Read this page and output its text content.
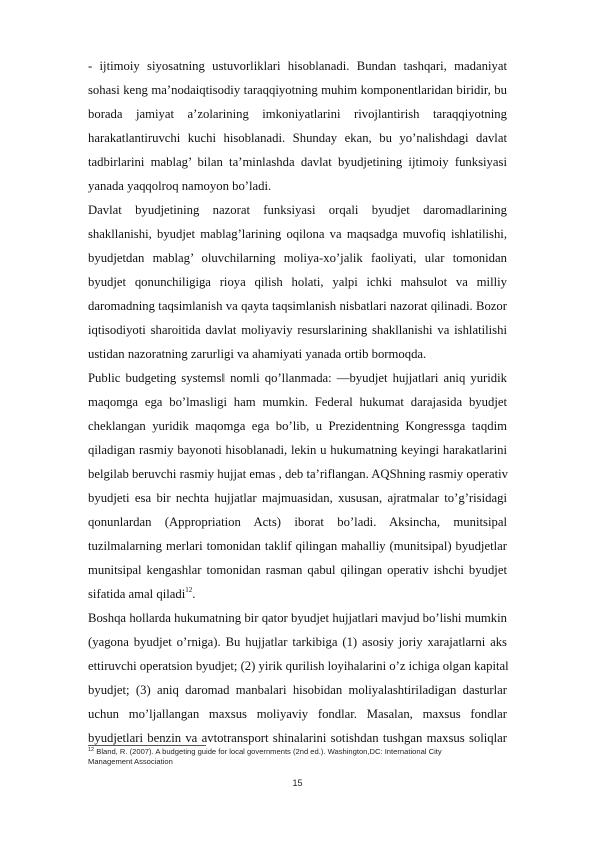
- ijtimoiy siyosatning ustuvorliklari hisoblanadi. Bundan tashqari, madaniyat
sohasi keng ma’nodaiqtisodiy taraqqiyotning muhim komponentlaridan biridir, bu
borada jamiyat a’zolarining imkoniyatlarini rivojlantirish taraqqiyotning
harakatlantiruvchi kuchi hisoblanadi. Shunday ekan, bu yo’nalishdagi davlat
tadbirlarini mablag’ bilan ta’minlashda davlat byudjetining ijtimoiy funksiyasi
yanada yaqqolroq namoyon bo’ladi.
Davlat byudjetining nazorat funksiyasi orqali byudjet daromadlarining
shakllanishi, byudjet mablag’larining oqilona va maqsadga muvofiq ishlatilishi,
byudjetdan mablag’ oluvchilarning moliya-xo’jalik faoliyati, ular tomonidan
byudjet qonunchiligiga rioya qilish holati, yalpi ichki mahsulot va milliy
daromadning taqsimlanish va qayta taqsimlanish nisbatlari nazorat qilinadi. Bozor
iqtisodiyoti sharoitida davlat moliyaviy resurslarining shakllanishi va ishlatilishi
ustidan nazoratning zarurligi va ahamiyati yanada ortib bormoqda.
Public budgeting systems‖ nomli qo’llanmada: ―byudjet hujjatlari aniq yuridik
maqomga ega bo’lmasligi ham mumkin. Federal hukumat darajasida byudjet
cheklangan yuridik maqomga ega bo’lib, u Prezidentning Kongressga taqdim
qiladigan rasmiy bayonoti hisoblanadi, lekin u hukumatning keyingi harakatlarini
belgilab beruvchi rasmiy hujjat emas , deb ta’riflangan. AQShning rasmiy operativ
byudjeti esa bir nechta hujjatlar majmuasidan, xususan, ajratmalar to’g’risidagi
qonunlardan (Appropriation Acts) iborat bo’ladi. Aksincha, munitsipal
tuzilmalarning merlari tomonidan taklif qilingan mahalliy (munitsipal) byudjetlar
munitsipal kengashlar tomonidan rasman qabul qilingan operativ ishchi byudjet
sifatida amal qiladi$^{12}$.
Boshqa hollarda hukumatning bir qator byudjet hujjatlari mavjud bo’lishi mumkin
(yagona byudjet o’rniga). Bu hujjatlar tarkibiga (1) asosiy joriy xarajatlarni aks
ettiruvchi operatsion byudjet; (2) yirik qurilish loyihalarini o’z ichiga olgan kapital
byudjet; (3) aniq daromad manbalari hisobidan moliyalashtiriladigan dasturlar
uchun mo’ljallangan maxsus moliyaviy fondlar. Masalan, maxsus fondlar
byudjetlari benzin va avtotransport shinalarini sotishdan tushgan maxsus soliqlar
$^{12}$ Bland, R. (2007). A budgeting guide for local governments (2nd ed.). Washington,DC: International City
Management Association
15
